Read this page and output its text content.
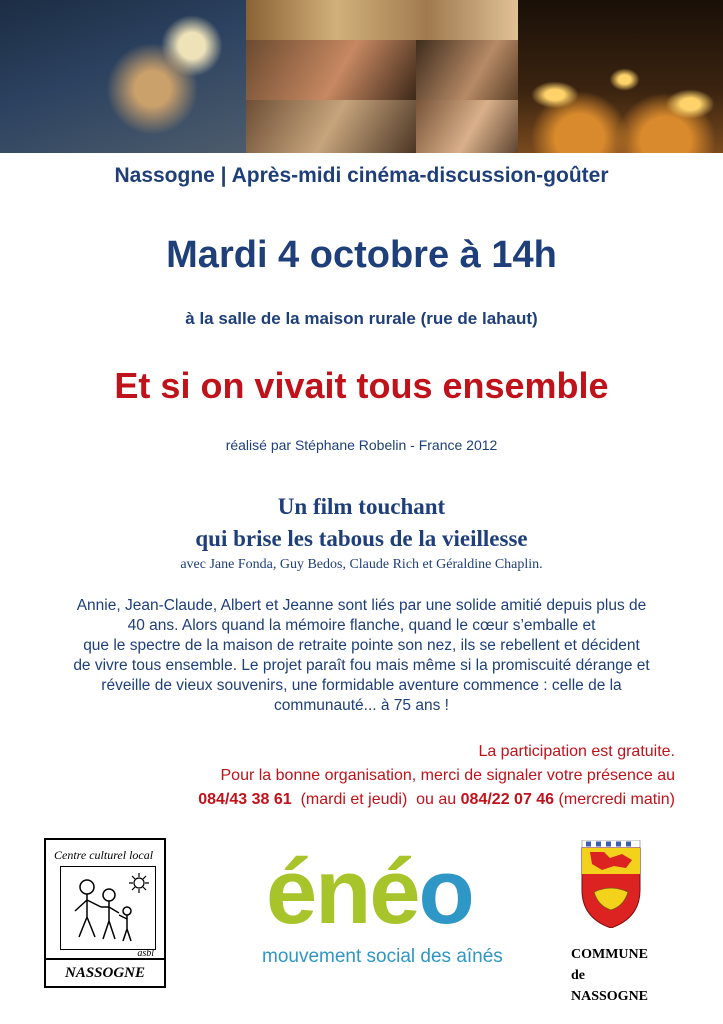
Nassogne | Après-midi cinéma-discussion-goûter

Mardi 4 octobre à 14h

à la salle de la maison rurale (rue de lahaut)

Et si on vivait tous ensemble

réalisé par Stéphane Robelin - France 2012

Un film touchant

qui brise les tabous de la vieillesse

avec Jane Fonda, Guy Bedos, Claude Rich et Géraldine Chaplin.

Annie, Jean-Claude, Albert et Jeanne sont liés par une solide amitié depuis plus de
40 ans. Alors quand la mémoire flanche, quand le cœur s’emballe et
que le spectre de la maison de retraite pointe son nez, ils se rebellent et décident
de vivre tous ensemble. Le projet paraît fou mais même si la promiscuité dérange et
réveille de vieux souvenirs, une formidable aventure commence : celle de la
communauté... à 75 ans !

La participation est gratuite.

Pour la bonne organisation, merci de signaler votre présence au

084/43 38 61 (mardi et jeudi) ou au 084/22 07 46 (mercredi matin)

Centre culturel local
asbl
NASSOGNE
énéo
mouvement social des aînés	COMMUNE
de
NASSOGNE
